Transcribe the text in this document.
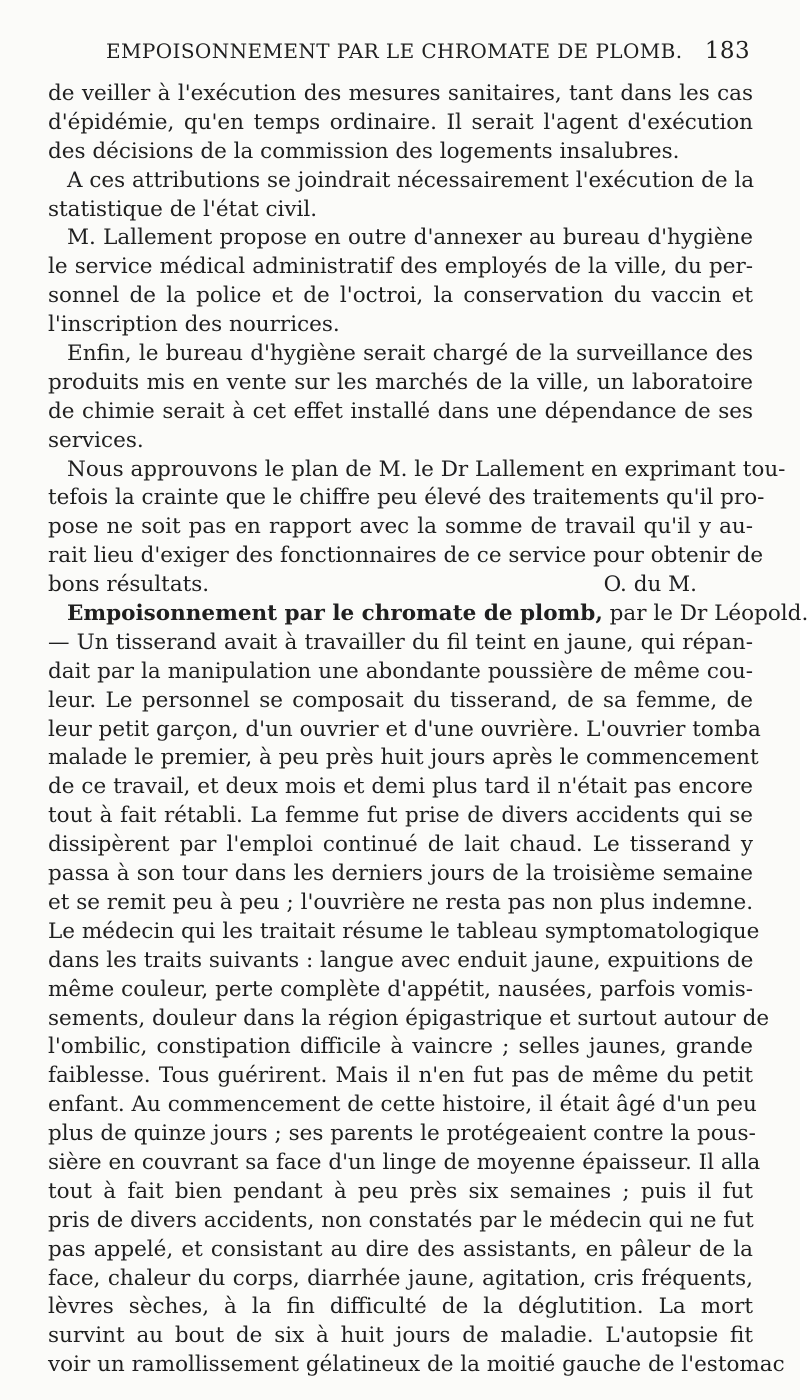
EMPOISONNEMENT PAR LE CHROMATE DE PLOMB. 183
de veiller à l'exécution des mesures sanitaires, tant dans les cas
d'épidémie, qu'en temps ordinaire. Il serait l'agent d'exécution
des décisions de la commission des logements insalubres.
A ces attributions se joindrait nécessairement l'exécution de la
statistique de l'état civil.
M. Lallement propose en outre d'annexer au bureau d'hygiène
le service médical administratif des employés de la ville, du per-
sonnel de la police et de l'octroi, la conservation du vaccin et
l'inscription des nourrices.
Enfin, le bureau d'hygiène serait chargé de la surveillance des
produits mis en vente sur les marchés de la ville, un laboratoire
de chimie serait à cet effet installé dans une dépendance de ses
services.
Nous approuvons le plan de M. le Dr Lallement en exprimant tou-
tefois la crainte que le chiffre peu élevé des traitements qu'il pro-
pose ne soit pas en rapport avec la somme de travail qu'il y au-
rait lieu d'exiger des fonctionnaires de ce service pour obtenir de
bons résultats.	O. du M.
Empoisonnement par le chromate de plomb, par le Dr Léopold.
— Un tisserand avait à travailler du fil teint en jaune, qui répan-
dait par la manipulation une abondante poussière de même cou-
leur. Le personnel se composait du tisserand, de sa femme, de
leur petit garçon, d'un ouvrier et d'une ouvrière. L'ouvrier tomba
malade le premier, à peu près huit jours après le commencement
de ce travail, et deux mois et demi plus tard il n'était pas encore
tout à fait rétabli. La femme fut prise de divers accidents qui se
dissipèrent par l'emploi continué de lait chaud. Le tisserand y
passa à son tour dans les derniers jours de la troisième semaine
et se remit peu à peu ; l'ouvrière ne resta pas non plus indemne.
Le médecin qui les traitait résume le tableau symptomatologique
dans les traits suivants : langue avec enduit jaune, expuitions de
même couleur, perte complète d'appétit, nausées, parfois vomis-
sements, douleur dans la région épigastrique et surtout autour de
l'ombilic, constipation difficile à vaincre ; selles jaunes, grande
faiblesse. Tous guérirent. Mais il n'en fut pas de même du petit
enfant. Au commencement de cette histoire, il était âgé d'un peu
plus de quinze jours ; ses parents le protégeaient contre la pous-
sière en couvrant sa face d'un linge de moyenne épaisseur. Il alla
tout à fait bien pendant à peu près six semaines ; puis il fut
pris de divers accidents, non constatés par le médecin qui ne fut
pas appelé, et consistant au dire des assistants, en pâleur de la
face, chaleur du corps, diarrhée jaune, agitation, cris fréquents,
lèvres sèches, à la fin difficulté de la déglutition. La mort
survint au bout de six à huit jours de maladie. L'autopsie fit
voir un ramollissement gélatineux de la moitié gauche de l'estomac
